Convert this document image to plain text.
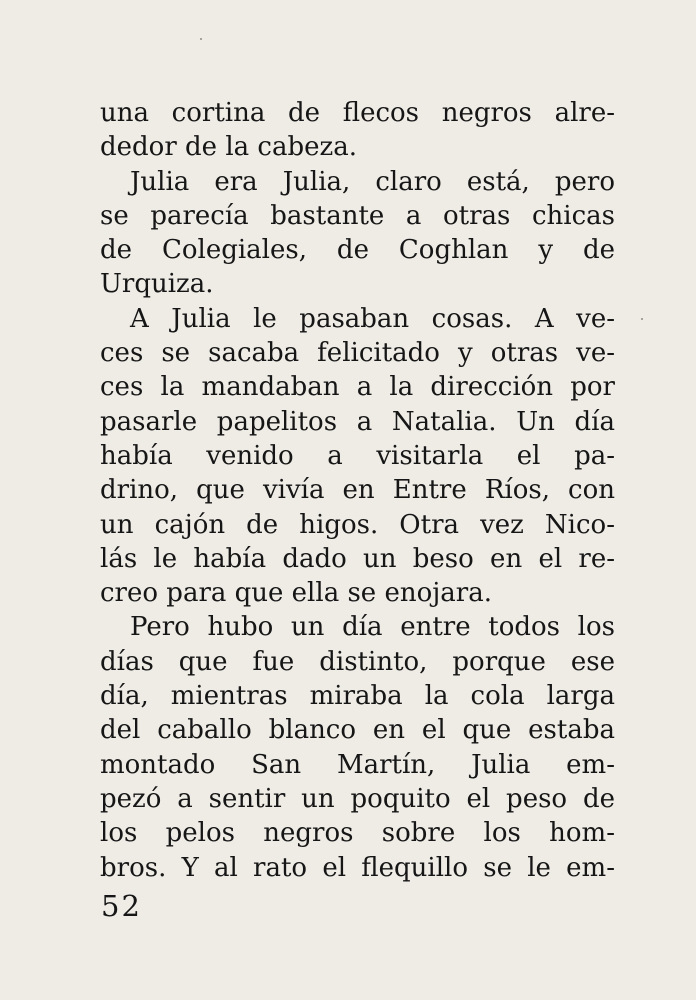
una cortina de flecos negros alre-
dedor de la cabeza.
Julia era Julia, claro está, pero
se parecía bastante a otras chicas
de Colegiales, de Coghlan y de
Urquiza.
A Julia le pasaban cosas. A ve-
ces se sacaba felicitado y otras ve-
ces la mandaban a la dirección por
pasarle papelitos a Natalia. Un día
había venido a visitarla el pa-
drino, que vivía en Entre Ríos, con
un cajón de higos. Otra vez Nico-
lás le había dado un beso en el re-
creo para que ella se enojara.
Pero hubo un día entre todos los
días que fue distinto, porque ese
día, mientras miraba la cola larga
del caballo blanco en el que estaba
montado San Martín, Julia em-
pezó a sentir un poquito el peso de
los pelos negros sobre los hom-
bros. Y al rato el flequillo se le em-
52
